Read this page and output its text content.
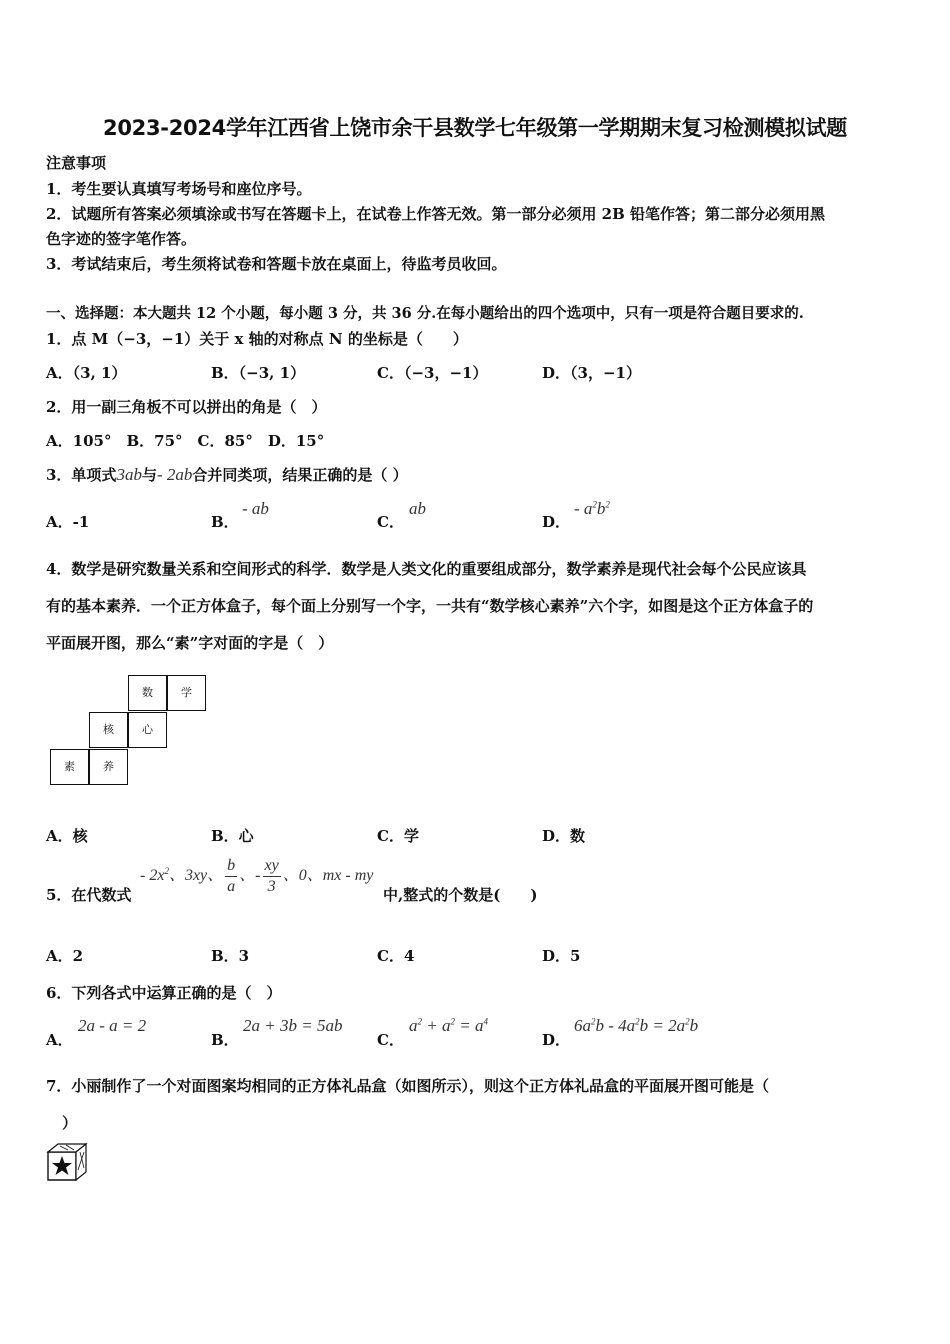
2023-2024学年江西省上饶市余干县数学七年级第一学期期末复习检测模拟试题
注意事项
1．考生要认真填写考场号和座位序号。
2．试题所有答案必须填涂或书写在答题卡上，在试卷上作答无效。第一部分必须用 2B 铅笔作答；第二部分必须用黑
色字迹的签字笔作答。
3．考试结束后，考生须将试卷和答题卡放在桌面上，待监考员收回。
一、选择题：本大题共 12 个小题，每小题 3 分，共 36 分.在每小题给出的四个选项中，只有一项是符合题目要求的.
1．点 M（−3，−1）关于 x 轴的对称点 N 的坐标是（　　）
A．（3, 1）	B．（−3, 1）	C．（−3，−1）	D．（3，−1）
2．用一副三角板不可以拼出的角是（　）
A．105°　B．75°　C．85°　D．15°
3．单项式3ab与- 2ab合并同类项，结果正确的是（ ）
A．-1	B．
- ab
C．
ab
D．
- $a^2b^2$
4．数学是研究数量关系和空间形式的科学．数学是人类文化的重要组成部分，数学素养是现代社会每个公民应该具
有的基本素养．一个正方体盒子，每个面上分别写一个字，一共有“数学核心素养”六个字，如图是这个正方体盒子的
平面展开图，那么“素”字对面的字是（　）
数	学
核	心
素	养
A．核	B．心	C．学	D．数
5．在代数式
- $2x^2$、3xy、 $\frac{b}{a}$ 、- $\frac{xy}{3}$ 、0、mx - my
中,整式的个数是(　　)
A．2	B．3	C．4	D．5
6．下列各式中运算正确的是（　）
A．
2a - a = 2
B．
2a + 3b = 5ab
C．
$a^2 + a^2 = a^4$
D．
$6a^2b - 4a^2b = 2a^2b$
7．小丽制作了一个对面图案均相同的正方体礼品盒（如图所示），则这个正方体礼品盒的平面展开图可能是（
）
